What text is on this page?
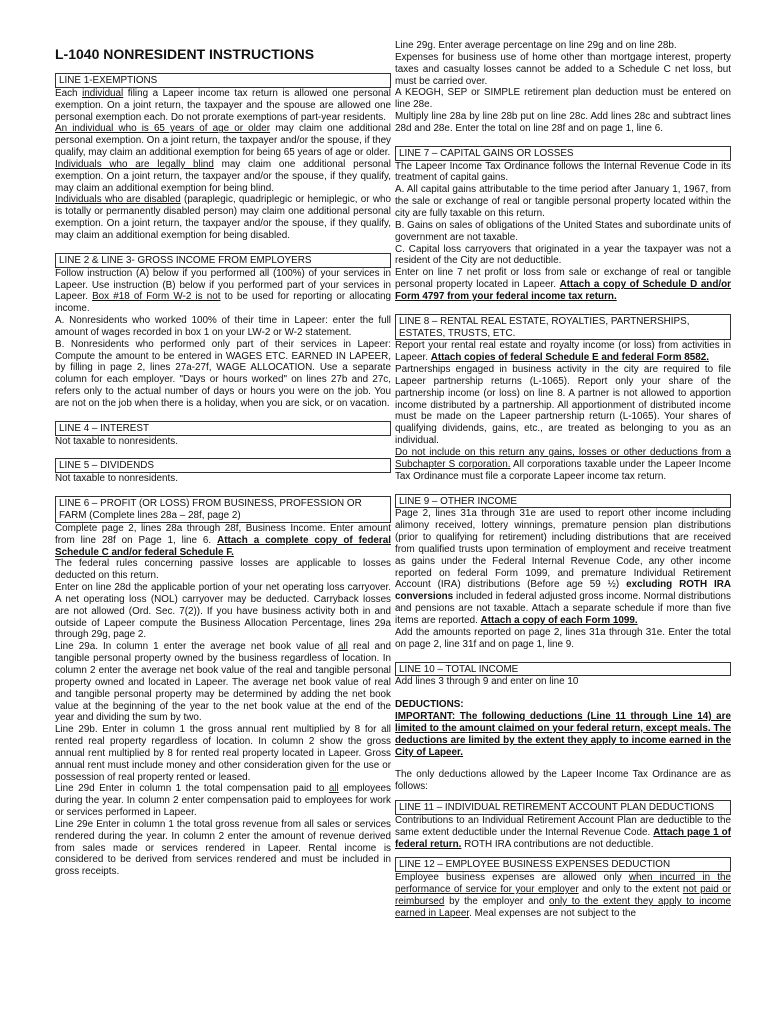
L-1040 NONRESIDENT INSTRUCTIONS
LINE 1-EXEMPTIONS

Each individual filing a Lapeer income tax return is allowed one personal exemption. On a joint return, the taxpayer and the spouse are allowed one personal exemption each. Do not prorate exemptions of part-year residents.

An individual who is 65 years of age or older may claim one additional personal exemption. On a joint return, the taxpayer and/or the spouse, if they qualify, may claim an additional exemption for being 65 years of age or older.

Individuals who are legally blind may claim one additional personal exemption. On a joint return, the taxpayer and/or the spouse, if they qualify, may claim an additional exemption for being blind.

Individuals who are disabled (paraplegic, quadriplegic or hemiplegic, or who is totally or permanently disabled person) may claim one additional personal exemption. On a joint return, the taxpayer and/or the spouse, if they qualify, may claim an additional exemption for being disabled.

LINE 2 & LINE 3- GROSS INCOME FROM EMPLOYERS

Follow instruction (A) below if you performed all (100%) of your services in Lapeer. Use instruction (B) below if you performed part of your services in Lapeer. Box #18 of Form W-2 is not to be used for reporting or allocating income.

A. Nonresidents who worked 100% of their time in Lapeer: enter the full amount of wages recorded in box 1 on your LW-2 or W-2 statement.

B. Nonresidents who performed only part of their services in Lapeer: Compute the amount to be entered in WAGES ETC. EARNED IN LAPEER, by filling in page 2, lines 27a-27f, WAGE ALLOCATION. Use a separate column for each employer. "Days or hours worked" on lines 27b and 27c, refers only to the actual number of days or hours you were on the job. You are not on the job when there is a holiday, when you are sick, or on vacation.

LINE 4 – INTEREST

Not taxable to nonresidents.

LINE 5 – DIVIDENDS

Not taxable to nonresidents.

LINE 6 – PROFIT (OR LOSS) FROM BUSINESS, PROFESSION OR FARM (Complete lines 28a – 28f, page 2)

Complete page 2, lines 28a through 28f, Business Income. Enter amount from line 28f on Page 1, line 6. Attach a complete copy of federal Schedule C and/or federal Schedule F.

The federal rules concerning passive losses are applicable to losses deducted on this return.

Enter on line 28d the applicable portion of your net operating loss carryover. A net operating loss (NOL) carryover may be deducted. Carryback losses are not allowed (Ord. Sec. 7(2)). If you have business activity both in and outside of Lapeer compute the Business Allocation Percentage, lines 29a through 29g, page 2.

Line 29a. In column 1 enter the average net book value of all real and tangible personal property owned by the business regardless of location. In column 2 enter the average net book value of the real and tangible personal property owned and located in Lapeer. The average net book value of real and tangible personal property may be determined by adding the net book value at the beginning of the year to the net book value at the end of the year and dividing the sum by two.

Line 29b. Enter in column 1 the gross annual rent multiplied by 8 for all rented real property regardless of location. In column 2 show the gross annual rent multiplied by 8 for rented real property located in Lapeer. Gross annual rent must include money and other consideration given for the use or possession of real property rented or leased.

Line 29d Enter in column 1 the total compensation paid to all employees during the year. In column 2 enter compensation paid to employees for work or services performed in Lapeer.

Line 29e Enter in column 1 the total gross revenue from all sales or services rendered during the year. In column 2 enter the amount of revenue derived from sales made or services rendered in Lapeer. Rental income is considered to be derived from services rendered and must be included in gross receipts.

Line 29g. Enter average percentage on line 29g and on line 28b.

Expenses for business use of home other than mortgage interest, property taxes and casualty losses cannot be added to a Schedule C net loss, but must be carried over.

A KEOGH, SEP or SIMPLE retirement plan deduction must be entered on line 28e.

Multiply line 28a by line 28b put on line 28c. Add lines 28c and subtract lines 28d and 28e. Enter the total on line 28f and on page 1, line 6.

LINE 7 – CAPITAL GAINS OR LOSSES

The Lapeer Income Tax Ordinance follows the Internal Revenue Code in its treatment of capital gains.

A. All capital gains attributable to the time period after January 1, 1967, from the sale or exchange of real or tangible personal property located within the city are fully taxable on this return.

B. Gains on sales of obligations of the United States and subordinate units of government are not taxable.

C. Capital loss carryovers that originated in a year the taxpayer was not a resident of the City are not deductible.

Enter on line 7 net profit or loss from sale or exchange of real or tangible personal property located in Lapeer. Attach a copy of Schedule D and/or Form 4797 from your federal income tax return.

LINE 8 – RENTAL REAL ESTATE, ROYALTIES, PARTNERSHIPS, ESTATES, TRUSTS, ETC.

Report your rental real estate and royalty income (or loss) from activities in Lapeer. Attach copies of federal Schedule E and federal Form 8582.

Partnerships engaged in business activity in the city are required to file Lapeer partnership returns (L-1065). Report only your share of the partnership income (or loss) on line 8. A partner is not allowed to apportion income distributed by a partnership. All apportionment of distributed income must be made on the Lapeer partnership return (L-1065). Your shares of qualifying dividends, gains, etc., are treated as belonging to you as an individual.

Do not include on this return any gains, losses or other deductions from a Subchapter S corporation. All corporations taxable under the Lapeer Income Tax Ordinance must file a corporate Lapeer income tax return.

LINE 9 – OTHER INCOME

Page 2, lines 31a through 31e are used to report other income including alimony received, lottery winnings, premature pension plan distributions (prior to qualifying for retirement) including distributions that are received from qualified trusts upon termination of employment and receive treatment as gains under the Federal Internal Revenue Code, any other income reported on federal Form 1099, and premature Individual Retirement Account (IRA) distributions (Before age 59 ½) excluding ROTH IRA conversions included in federal adjusted gross income. Normal distributions and pensions are not taxable. Attach a separate schedule if more than five items are reported. Attach a copy of each Form 1099.

Add the amounts reported on page 2, lines 31a through 31e. Enter the total on page 2, line 31f and on page 1, line 9.

LINE 10 – TOTAL INCOME

Add lines 3 through 9 and enter on line 10

DEDUCTIONS:

IMPORTANT: The following deductions (Line 11 through Line 14) are limited to the amount claimed on your federal return, except meals. The deductions are limited by the extent they apply to income earned in the City of Lapeer.

The only deductions allowed by the Lapeer Income Tax Ordinance are as follows:

LINE 11 – INDIVIDUAL RETIREMENT ACCOUNT PLAN DEDUCTIONS

Contributions to an Individual Retirement Account Plan are deductible to the same extent deductible under the Internal Revenue Code. Attach page 1 of federal return. ROTH IRA contributions are not deductible.

LINE 12 – EMPLOYEE BUSINESS EXPENSES DEDUCTION

Employee business expenses are allowed only when incurred in the performance of service for your employer and only to the extent not paid or reimbursed by the employer and only to the extent they apply to income earned in Lapeer. Meal expenses are not subject to the
